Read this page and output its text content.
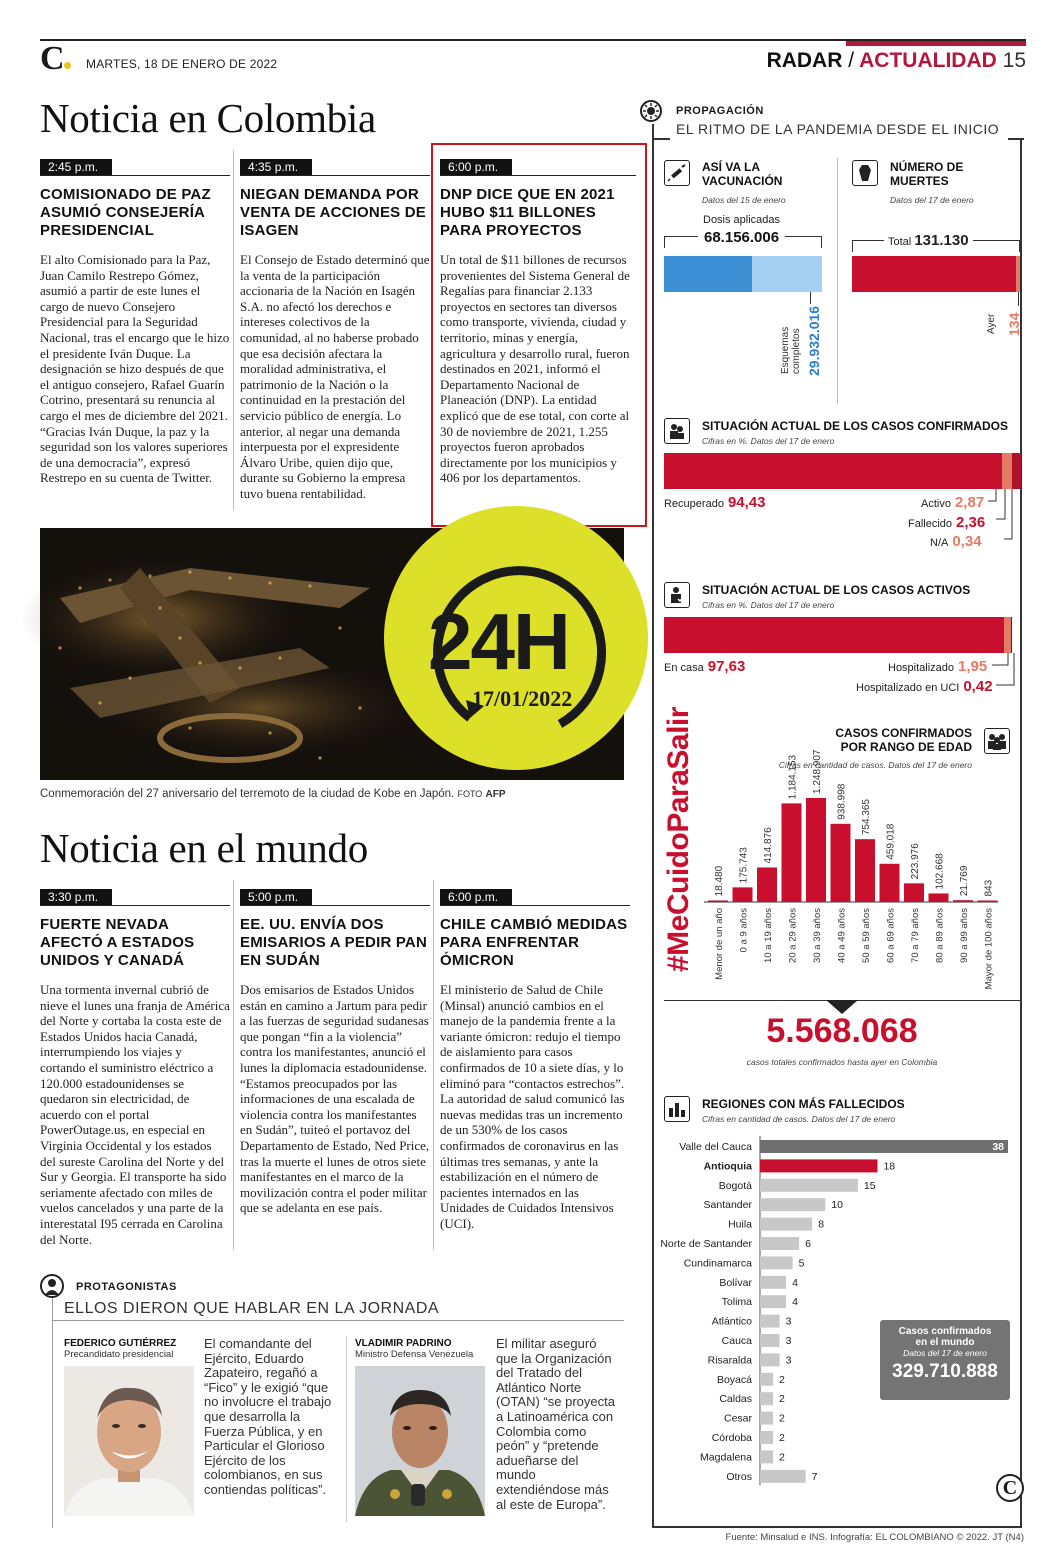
C	MARTES, 18 DE ENERO DE 2022	RADAR / ACTUALIDAD 15
Noticia en Colombia
2:45 p.m.
COMISIONADO DE PAZ ASUMIÓ CONSEJERÍA PRESIDENCIAL

El alto Comisionado para la Paz, Juan Camilo Restrepo Gómez, asumió a partir de este lunes el cargo de nuevo Consejero Presidencial para la Seguridad Nacional, tras el encargo que le hizo el presidente Iván Duque. La designación se hizo después de que el antiguo consejero, Rafael Guarín Cotrino, presentará su renuncia al cargo el mes de diciembre del 2021. “Gracias Iván Duque, la paz y la seguridad son los valores superiores de una democracia”, expresó Restrepo en su cuenta de Twitter.

4:35 p.m.
NIEGAN DEMANDA POR VENTA DE ACCIONES DE ISAGEN

El Consejo de Estado determinó que la venta de la participación accionaria de la Nación en Isagén S.A. no afectó los derechos e intereses colectivos de la comunidad, al no haberse probado que esa decisión afectara la moralidad administrativa, el patrimonio de la Nación o la continuidad en la prestación del servicio público de energía. Lo anterior, al negar una demanda interpuesta por el expresidente Álvaro Uribe, quien dijo que, durante su Gobierno la empresa tuvo buena rentabilidad.

6:00 p.m.
DNP DICE QUE EN 2021 HUBO $11 BILLONES PARA PROYECTOS

Un total de $11 billones de recursos provenientes del Sistema General de Regalías para financiar 2.133 proyectos en sectores tan diversos como transporte, vivienda, ciudad y territorio, minas y energía, agricultura y desarrollo rural, fueron destinados en 2021, informó el Departamento Nacional de Planeación (DNP). La entidad explicó que de ese total, con corte al 30 de noviembre de 2021, 1.255 proyectos fueron aprobados directamente por los municipios y 406 por los departamentos.

24H
17/01/2022
Conmemoración del 27 aniversario del terremoto de la ciudad de Kobe en Japón. FOTO AFP
Noticia en el mundo
3:30 p.m.
FUERTE NEVADA AFECTÓ A ESTADOS UNIDOS Y CANADÁ

Una tormenta invernal cubrió de nieve el lunes una franja de América del Norte y cortaba la costa este de Estados Unidos hacia Canadá, interrumpiendo los viajes y cortando el suministro eléctrico a 120.000 estadounidenses se quedaron sin electricidad, de acuerdo con el portal PowerOutage.us, en especial en Virginia Occidental y los estados del sureste Carolina del Norte y del Sur y Georgia. El transporte ha sido seriamente afectado con miles de vuelos cancelados y una parte de la interestatal I95 cerrada en Carolina del Norte.

5:00 p.m.
EE. UU. ENVÍA DOS EMISARIOS A PEDIR PAN EN SUDÁN

Dos emisarios de Estados Unidos están en camino a Jartum para pedir a las fuerzas de seguridad sudanesas que pongan “fin a la violencia” contra los manifestantes, anunció el lunes la diplomacia estadounidense. “Estamos preocupados por las informaciones de una escalada de violencia contra los manifestantes en Sudán”, tuiteó el portavoz del Departamento de Estado, Ned Price, tras la muerte el lunes de otros siete manifestantes en el marco de la movilización contra el poder militar que se adelanta en ese país.

6:00 p.m.
CHILE CAMBIÓ MEDIDAS PARA ENFRENTAR ÓMICRON

El ministerio de Salud de Chile (Minsal) anunció cambios en el manejo de la pandemia frente a la variante ómicron: redujo el tiempo de aislamiento para casos confirmados de 10 a siete días, y lo eliminó para “contactos estrechos”. La autoridad de salud comunicó las nuevas medidas tras un incremento de un 530% de los casos confirmados de coronavirus en las últimas tres semanas, y ante la estabilización en el número de pacientes internados en las Unidades de Cuidados Intensivos (UCI).

PROTAGONISTAS
ELLOS DIERON QUE HABLAR EN LA JORNADA
FEDERICO GUTIÉRREZ
Precandidato presidencial
El comandante del Ejército, Eduardo Zapateiro, regañó a “Fico” y le exigió “que no involucre el trabajo que desarrolla la Fuerza Pública, y en Particular el Glorioso Ejército de los colombianos, en sus contiendas políticas”.
VLADIMIR PADRINO
Ministro Defensa Venezuela
El militar aseguró que la Organización del Tratado del Atlántico Norte (OTAN) “se proyecta a Latinoamérica con Colombia como peón” y “pretende adueñarse del mundo extendiéndose más al este de Europa”.
PROPAGACIÓN
EL RITMO DE LA PANDEMIA DESDE EL INICIO
ASÍ VA LA VACUNACIÓN
Datos del 15 de enero
Dosis aplicadas
68.156.006
Esquemas completos 29.932.016
NÚMERO DE MUERTES
Datos del 17 de enero
Total 131.130
Ayer 134
SITUACIÓN ACTUAL DE LOS CASOS CONFIRMADOS
Cifras en %. Datos del 17 de enero
Recuperado 94,43	Activo 2,87
Fallecido 2,36
N/A 0,34
SITUACIÓN ACTUAL DE LOS CASOS ACTIVOS
Cifras en %. Datos del 17 de enero
En casa 97,63	Hospitalizado 1,95
Hospitalizado en UCI 0,42
#MeCuidoParaSalir	CASOS CONFIRMADOS
POR RANGO DE EDAD
Cifras en cantidad de casos. Datos del 17 de enero
18.480
Menor de un año
175.743
0 a 9 años
414.876
10 a 19 años
1.184.153
20 a 29 años
1.248.907
30 a 39 años
938.998
40 a 49 años
754.365
50 a 59 años
459.018
60 a 69 años
223.976
70 a 79 años
102.668
80 a 89 años
21.769
90 a 99 años
843
Mayor de 100 años
5.568.068
casos totales confirmados hasta ayer en Colombia
REGIONES CON MÁS FALLECIDOS
Cifras en cantidad de casos. Datos del 17 de enero
Valle del Cauca	38
Antioquia	18
Bogotá	15
Santander	10
Huila	8
Norte de Santander	6
Cundinamarca	5
Bolívar	4
Tolima	4
Atlántico	3
Cauca	3
Risaralda	3
Boyacá	2
Caldas	2
Cesar	2
Córdoba	2
Magdalena	2
Otros	7
Casos confirmados
en el mundo
Datos del 17 de enero
329.710.888
C
Fuente: Minsalud e INS. Infografía: EL COLOMBIANO © 2022. JT (N4)
